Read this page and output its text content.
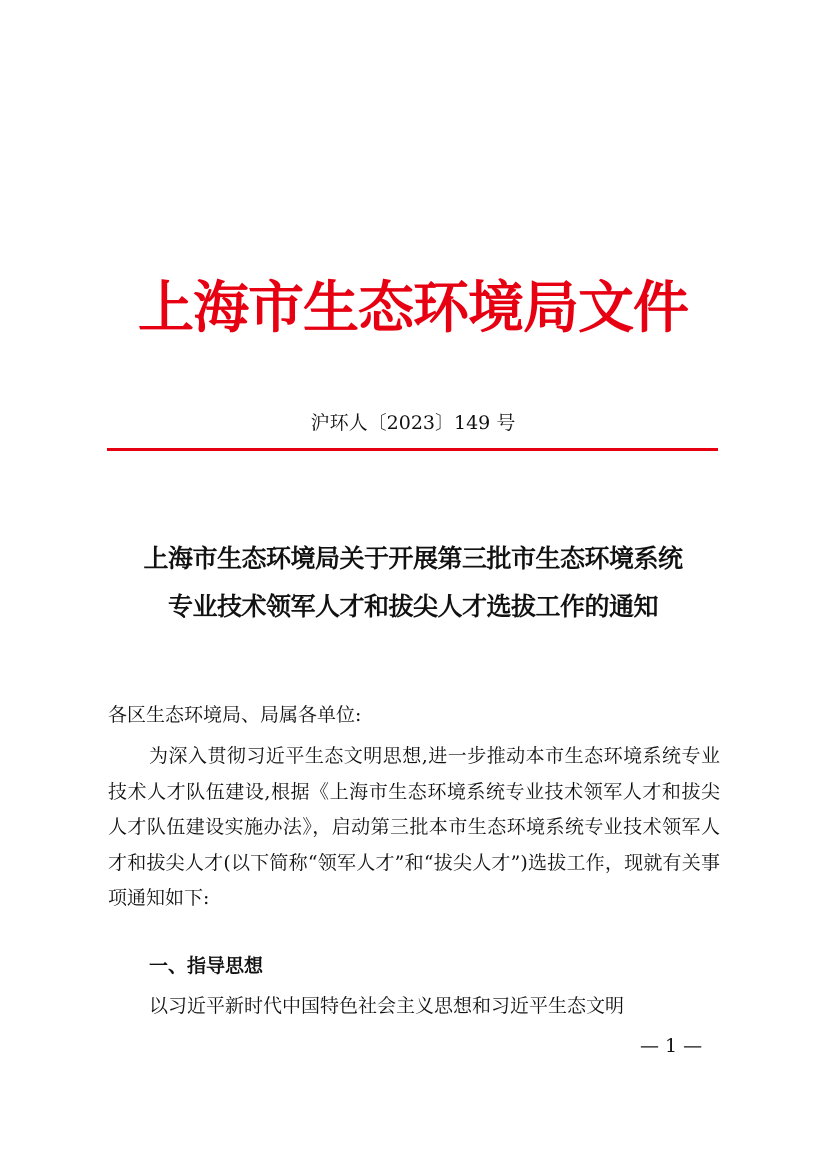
上海市生态环境局文件

沪环人〔2023〕149 号

上海市生态环境局关于开展第三批市生态环境系统
专业技术领军人才和拔尖人才选拔工作的通知

各区生态环境局、局属各单位:

为深入贯彻习近平生态文明思想,进一步推动本市生态环境系统专业技术人才队伍建设,根据《上海市生态环境系统专业技术领军人才和拔尖人才队伍建设实施办法》，启动第三批本市生态环境系统专业技术领军人才和拔尖人才(以下简称“领军人才”和“拔尖人才”)选拔工作，现就有关事项通知如下:

一、指导思想

以习近平新时代中国特色社会主义思想和习近平生态文明

— 1 —
